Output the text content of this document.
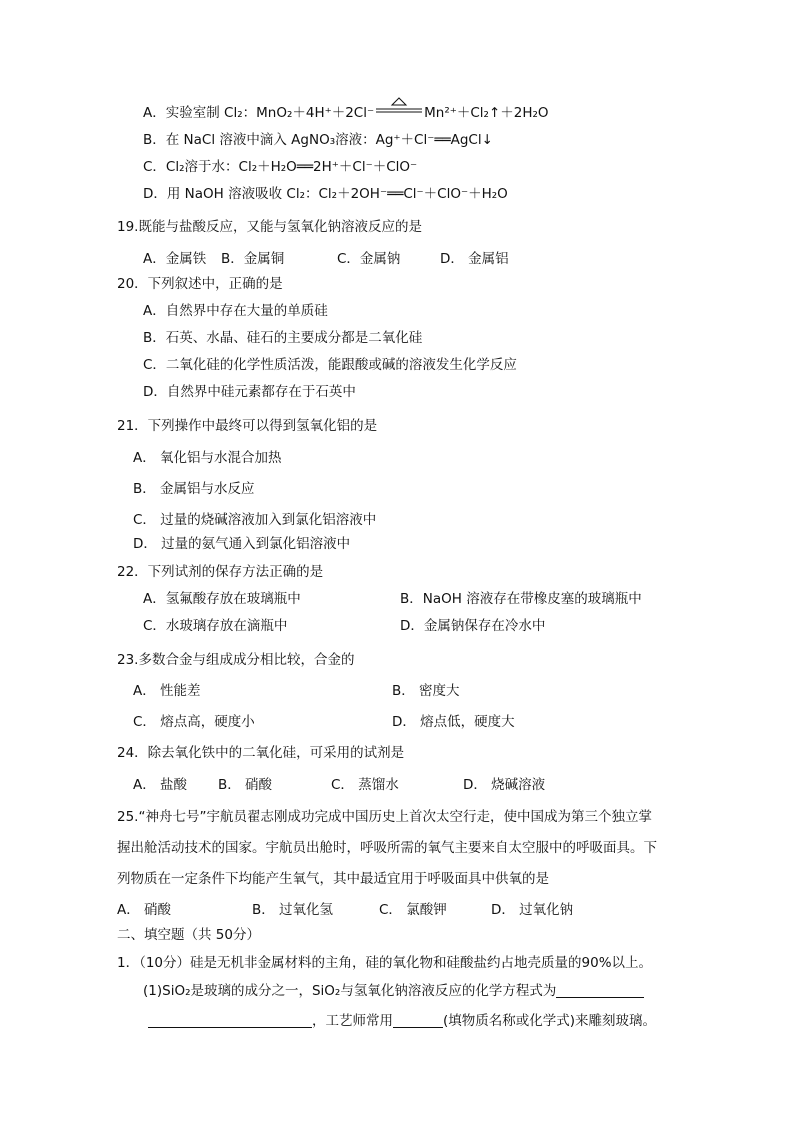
A．实验室制 Cl₂：MnO₂＋4H⁺＋2Cl⁻	Mn²⁺＋Cl₂↑＋2H₂O
B．在 NaCl 溶液中滴入 AgNO₃溶液：Ag⁺＋Cl⁻══AgCl↓
C．Cl₂溶于水：Cl₂＋H₂O══2H⁺＋Cl⁻＋ClO⁻
D．用 NaOH 溶液吸收 Cl₂：Cl₂＋2OH⁻══Cl⁻＋ClO⁻＋H₂O
19.既能与盐酸反应，又能与氢氧化钠溶液反应的是
A．金属铁 B．金属铜	C．金属钠	D． 金属铝
20．下列叙述中，正确的是
A．自然界中存在大量的单质硅
B．石英、水晶、硅石的主要成分都是二氧化硅
C．二氧化硅的化学性质活泼，能跟酸或碱的溶液发生化学反应
D．自然界中硅元素都存在于石英中
21．下列操作中最终可以得到氢氧化铝的是
A． 氧化铝与水混合加热
B． 金属铝与水反应
C． 过量的烧碱溶液加入到氯化铝溶液中
D． 过量的氨气通入到氯化铝溶液中
22．下列试剂的保存方法正确的是
A．氢氟酸存放在玻璃瓶中	B．NaOH 溶液存在带橡皮塞的玻璃瓶中
C．水玻璃存放在滴瓶中	D．金属钠保存在冷水中
23.多数合金与组成成分相比较，合金的
A． 性能差	B． 密度大
C． 熔点高，硬度小	D． 熔点低，硬度大
24．除去氧化铁中的二氧化硅，可采用的试剂是
A． 盐酸 B． 硝酸	C． 蒸馏水	D． 烧碱溶液
25.“神舟七号”宇航员翟志刚成功完成中国历史上首次太空行走，使中国成为第三个独立掌
握出舱活动技术的国家。宇航员出舱时，呼吸所需的氧气主要来自太空服中的呼吸面具。下
列物质在一定条件下均能产生氧气，其中最适宜用于呼吸面具中供氧的是
A． 硝酸	B． 过氧化氢	C． 氯酸钾	D． 过氧化钠
二、填空题（共 50分）
1．（10分）硅是无机非金属材料的主角，硅的氧化物和硅酸盐约占地壳质量的90%以上。
(1)SiO₂是玻璃的成分之一，SiO₂与氢氧化钠溶液反应的化学方程式为
，工艺师常用	(填物质名称或化学式)来雕刻玻璃。
